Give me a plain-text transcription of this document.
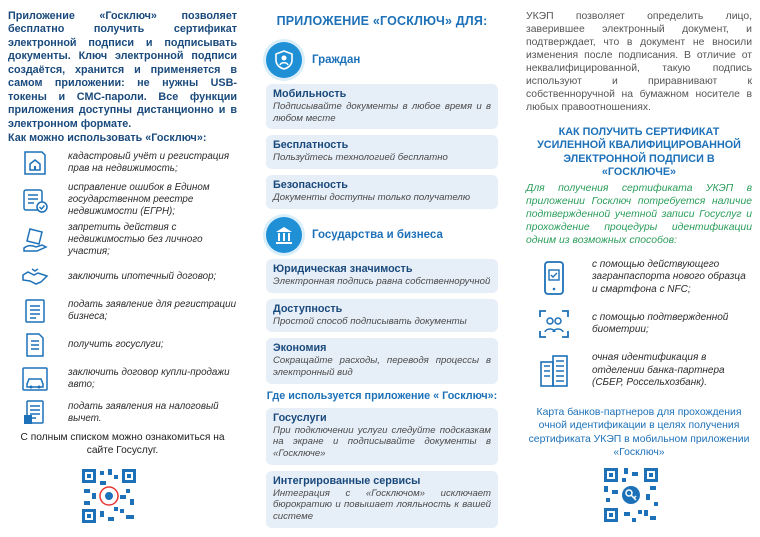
Приложение «Госключ» позволяет бесплатно получить сертификат электронной подписи и подписывать документы. Ключ электронной подписи создаётся, хранится и применяется в самом приложении: не нужны USB-токены и СМС-пароли. Все функции приложения доступны дистанционно и в электронном формате.

Как можно использовать «Госключ»:
кадастровый учёт и регистрация прав на недвижимость;
исправление ошибок в Едином государственном реестре недвижимости (ЕГРН);
запретить действия с недвижимостью без личного участия;
заключить ипотечный договор;
подать заявление для регистрации бизнеса;
получить госуслуги;
заключить договор купли-продажи авто;
подать заявления на налоговый вычет.
С полным списком можно ознакомиться на сайте Госуслуг.
ПРИЛОЖЕНИЕ «ГОСКЛЮЧ» ДЛЯ:
Граждан
Мобильность
Подписывайте документы в любое время и в любом месте
Бесплатность
Пользуйтесь технологией бесплатно
Безопасность
Документы доступны только получателю
Государства и бизнеса
Юридическая значимость
Электронная подпись равна собственноручной
Доступность
Простой способ подписывать документы
Экономия
Сокращайте расходы, переводя процессы в электронный вид
Где используется приложение « Госключ»:
Госуслуги
При подключении услуги следуйте подсказкам на экране и подписывайте документы в «Госключе»
Интегрированные сервисы
Интеграция с «Госключом» исключает бюрократию и повышает лояльность к вашей системе

УКЭП позволяет определить лицо, заверившее электронный документ, и подтверждает, что в документ не вносили изменения после подписания. В отличие от неквалифицированной, такую подпись используют и приравнивают к собственноручной на бумажном носителе в любых правоотношениях.

КАК ПОЛУЧИТЬ СЕРТИФИКАТ УСИЛЕННОЙ КВАЛИФИЦИРОВАННОЙ ЭЛЕКТРОННОЙ ПОДПИСИ В «ГОСКЛЮЧЕ»

Для получения сертификата УКЭП в приложении Госключ потребуется наличие подтвержденной учетной записи Госуслуг и прохождение процедуры идентификации одним из возможных способов:

с помощью действующего загранпаспорта нового образца и смартфона с NFC;
с помощью подтвержденной биометрии;
очная идентификация в отделении банка-партнера (СБЕР, Россельхозбанк).
Карта банков-партнеров для прохождения очной идентификации в целях получения сертификата УКЭП в мобильном приложении «Госключ»
